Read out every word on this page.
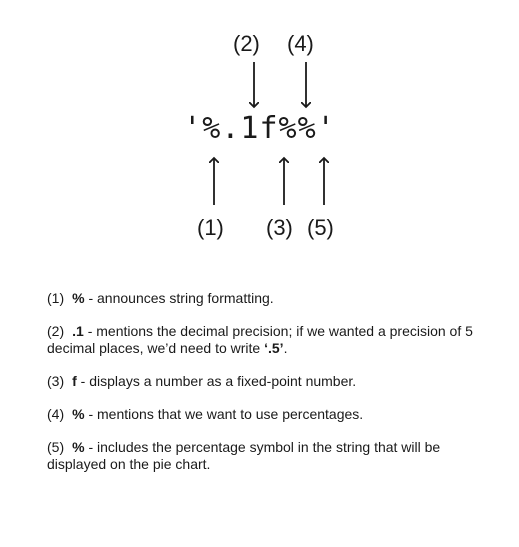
(2) (4)
'%.1f%%'
(1) (3) (5)

(1) % - announces string formatting.

(2) .1 - mentions the decimal precision; if we wanted a precision of 5 decimal places, we’d need to write ‘.5’.

(3) f - displays a number as a fixed-point number.

(4) % - mentions that we want to use percentages.

(5) % - includes the percentage symbol in the string that will be displayed on the pie chart.
